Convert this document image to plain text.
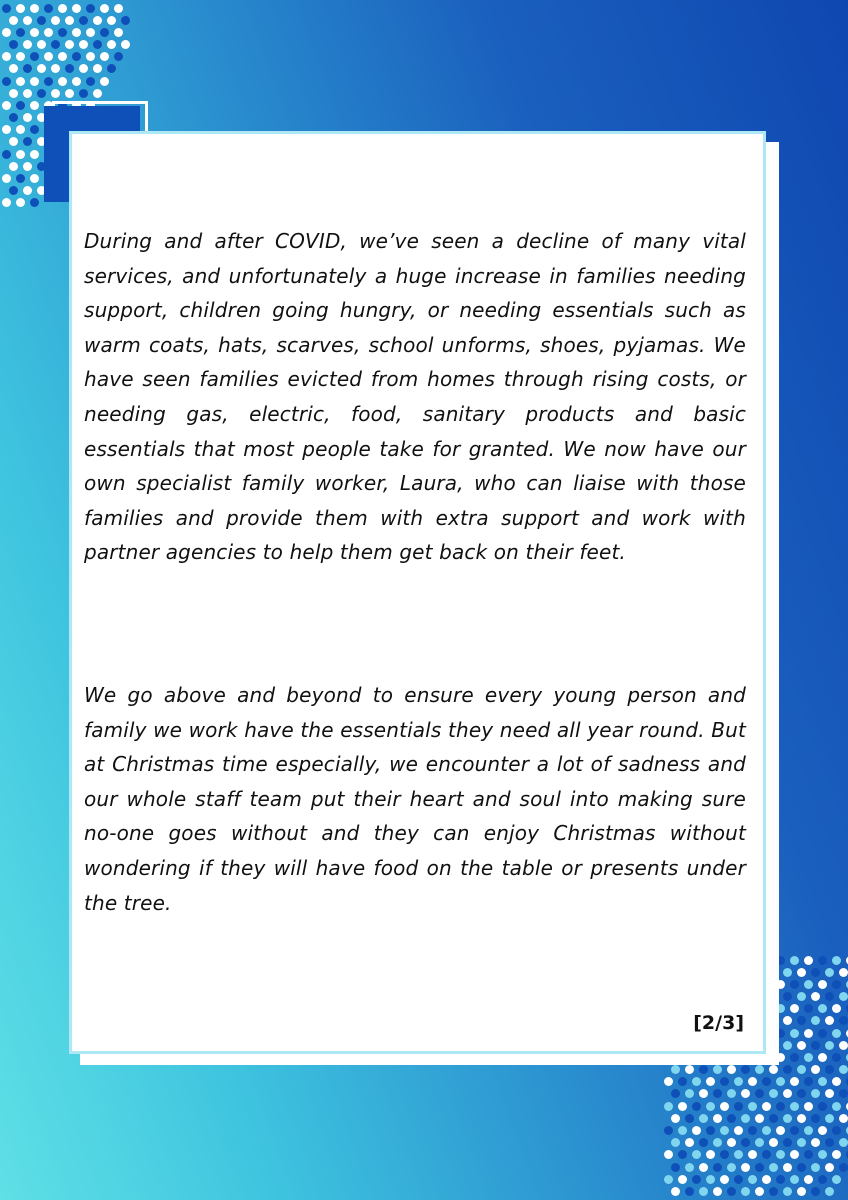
During and after COVID, we’ve seen a decline of many vital services, and unfortunately a huge increase in families needing support, children going hungry, or needing essentials such as warm coats, hats, scarves, school unforms, shoes, pyjamas. We have seen families evicted from homes through rising costs, or needing gas, electric, food, sanitary products and basic essentials that most people take for granted. We now have our own specialist family worker, Laura, who can liaise with those families and provide them with extra support and work with partner agencies to help them get back on their feet.

We go above and beyond to ensure every young person and family we work have the essentials they need all year round. But at Christmas time especially, we encounter a lot of sadness and our whole staff team put their heart and soul into making sure no-one goes without and they can enjoy Christmas without wondering if they will have food on the table or presents under the tree.

[2/3]
